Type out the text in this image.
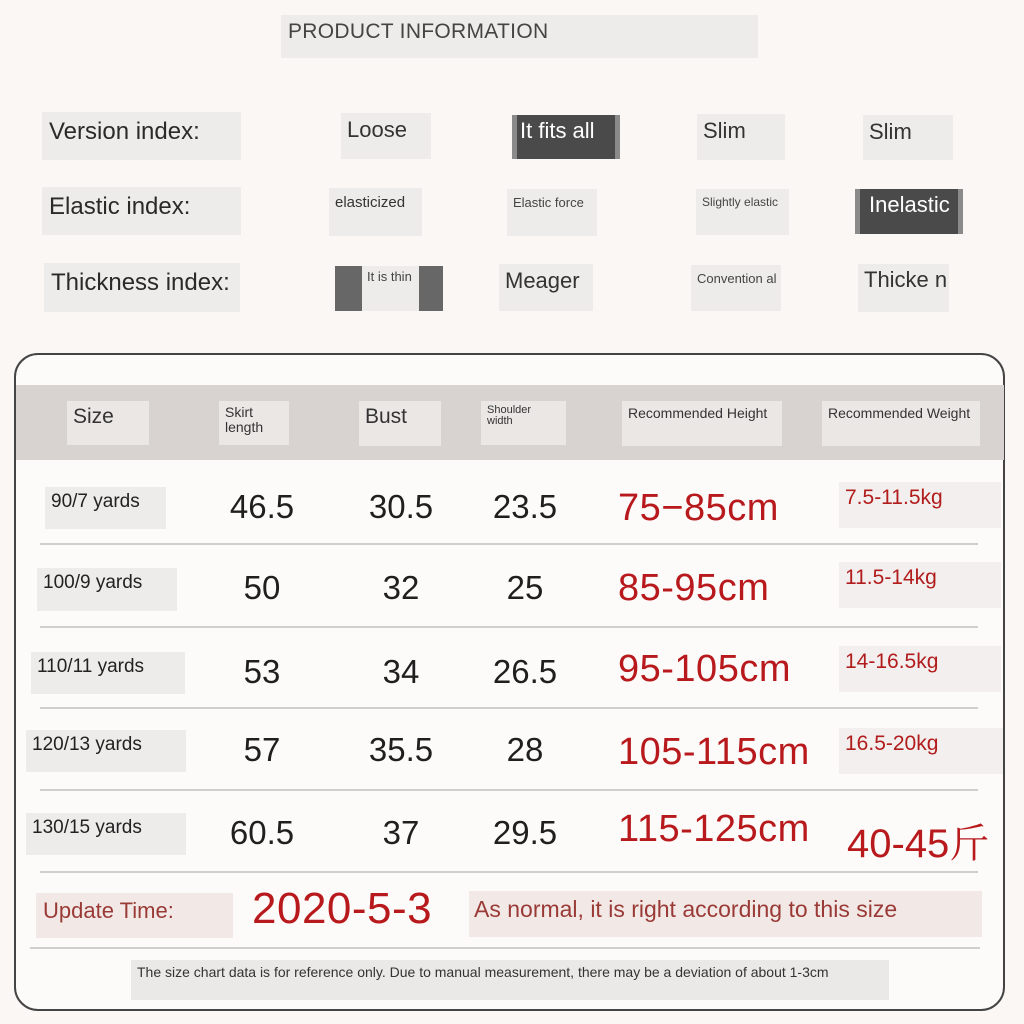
PRODUCT INFORMATION
Version index:	Loose	It fits all	Slim	Slim
Elastic index:	elasticized	Elastic force	Slightly elastic	Inelastic
Thickness index:	It is thin	Meager	Convention al	Thicke n
Size	Skirt length	Bust	Shoulder width	Recommended Height	Recommended Weight
90/7 yards	46.5	30.5	23.5	75−85cm	7.5-11.5kg
100/9 yards	50	32	25	85-95cm	11.5-14kg
110/11 yards	53	34	26.5	95-105cm	14-16.5kg
120/13 yards	57	35.5	28	105-115cm 16.5-20kg
130/15 yards	60.5	37	29.5	115-125cm 40-45斤
Update Time:	2020-5-3 As normal, it is right according to this size
The size chart data is for reference only. Due to manual measurement, there may be a deviation of about 1-3cm
